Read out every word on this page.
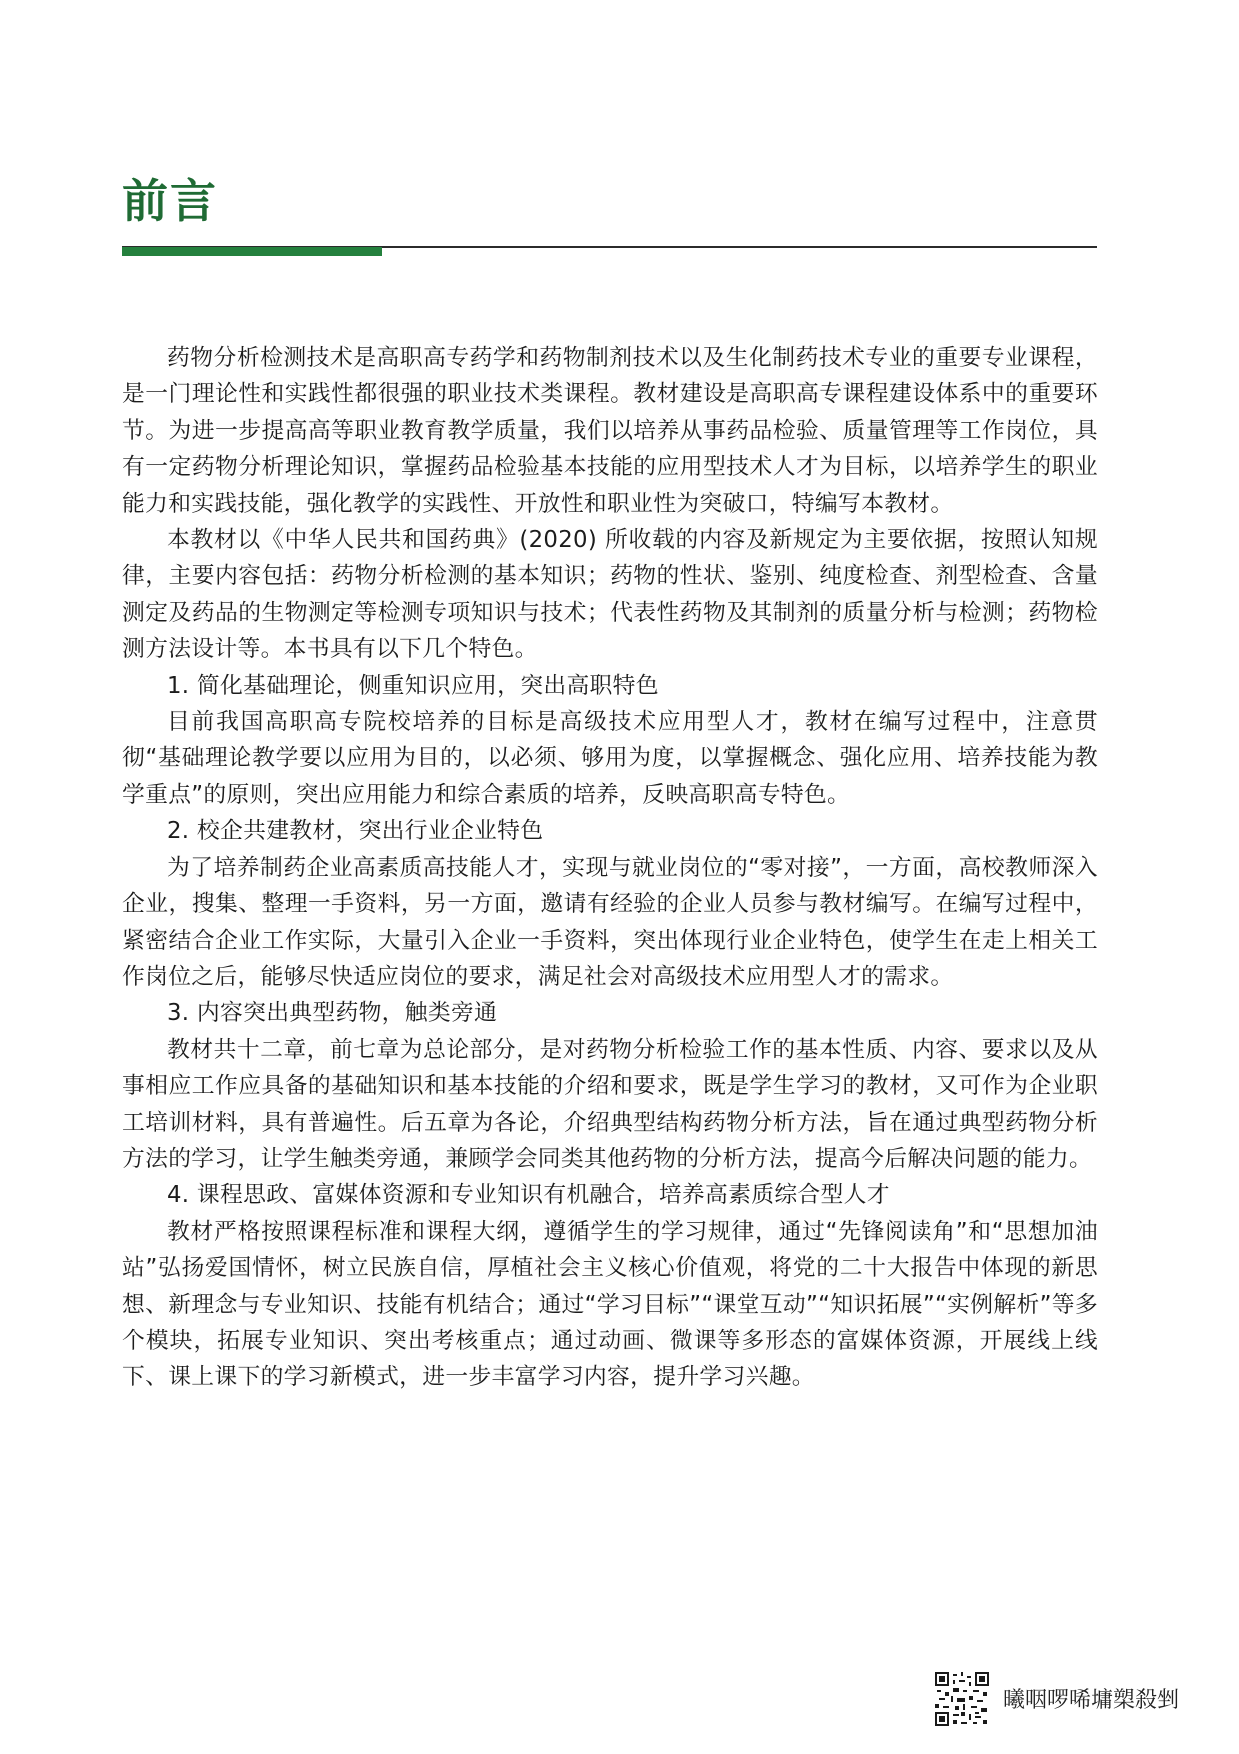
前言

药物分析检测技术是高职高专药学和药物制剂技术以及生化制药技术专业的重要专业课程，是一门理论性和实践性都很强的职业技术类课程。教材建设是高职高专课程建设体系中的重要环节。为进一步提高高等职业教育教学质量，我们以培养从事药品检验、质量管理等工作岗位，具有一定药物分析理论知识，掌握药品检验基本技能的应用型技术人才为目标，以培养学生的职业能力和实践技能，强化教学的实践性、开放性和职业性为突破口，特编写本教材。

本教材以《中华人民共和国药典》(2020) 所收载的内容及新规定为主要依据，按照认知规律，主要内容包括：药物分析检测的基本知识；药物的性状、鉴别、纯度检查、剂型检查、含量测定及药品的生物测定等检测专项知识与技术；代表性药物及其制剂的质量分析与检测；药物检测方法设计等。本书具有以下几个特色。

1. 简化基础理论，侧重知识应用，突出高职特色

目前我国高职高专院校培养的目标是高级技术应用型人才，教材在编写过程中，注意贯彻“基础理论教学要以应用为目的，以必须、够用为度，以掌握概念、强化应用、培养技能为教学重点”的原则，突出应用能力和综合素质的培养，反映高职高专特色。

2. 校企共建教材，突出行业企业特色

为了培养制药企业高素质高技能人才，实现与就业岗位的“零对接”，一方面，高校教师深入企业，搜集、整理一手资料，另一方面，邀请有经验的企业人员参与教材编写。在编写过程中，紧密结合企业工作实际，大量引入企业一手资料，突出体现行业企业特色，使学生在走上相关工作岗位之后，能够尽快适应岗位的要求，满足社会对高级技术应用型人才的需求。

3. 内容突出典型药物，触类旁通

教材共十二章，前七章为总论部分，是对药物分析检验工作的基本性质、内容、要求以及从事相应工作应具备的基础知识和基本技能的介绍和要求，既是学生学习的教材，又可作为企业职工培训材料，具有普遍性。后五章为各论，介绍典型结构药物分析方法，旨在通过典型药物分析方法的学习，让学生触类旁通，兼顾学会同类其他药物的分析方法，提高今后解决问题的能力。

4. 课程思政、富媒体资源和专业知识有机融合，培养高素质综合型人才

教材严格按照课程标准和课程大纲，遵循学生的学习规律，通过“先锋阅读角”和“思想加油站”弘扬爱国情怀，树立民族自信，厚植社会主义核心价值观，将党的二十大报告中体现的新思想、新理念与专业知识、技能有机结合；通过“学习目标”“课堂互动”“知识拓展”“实例解析”等多个模块，拓展专业知识、突出考核重点；通过动画、微课等多形态的富媒体资源，开展线上线下、课上课下的学习新模式，进一步丰富学习内容，提升学习兴趣。

曦咽啰唏墉槊殺剉
